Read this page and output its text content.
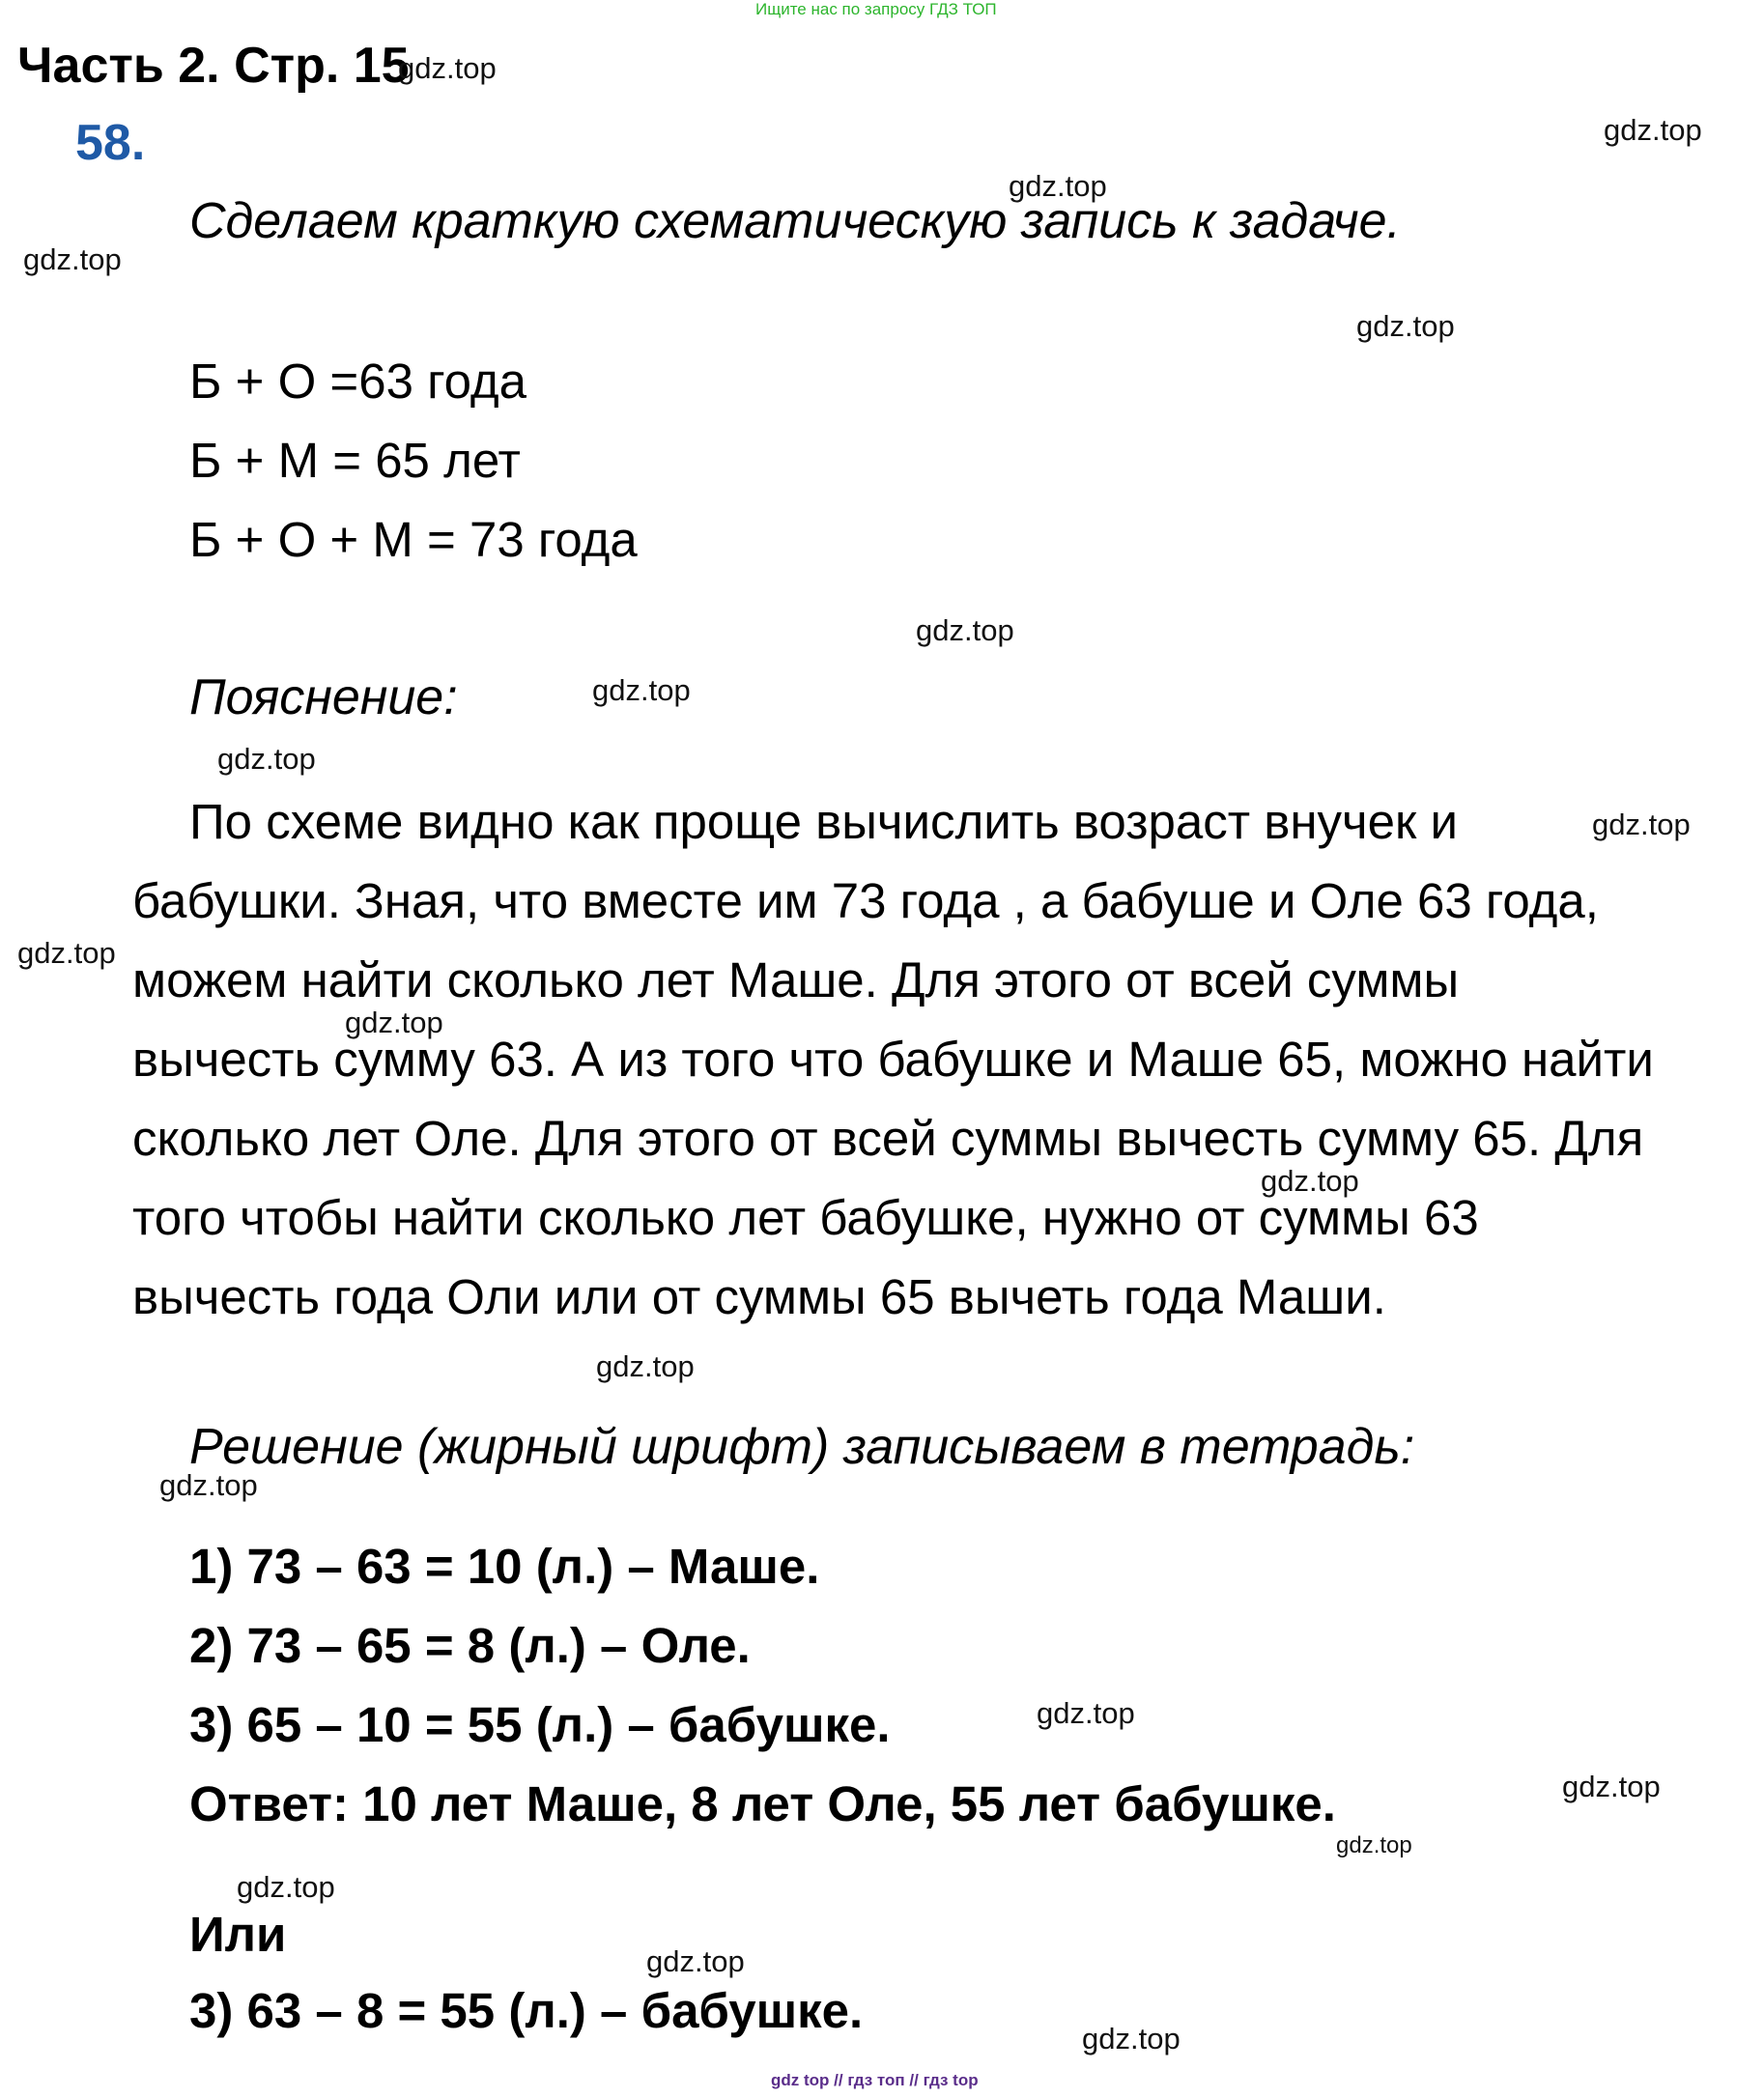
Ищите нас по запросу ГДЗ ТОП
Часть 2. Стр. 15
58.
Сделаем краткую схематическую запись к задаче.
Б + О =63 года
Б + М = 65 лет
Б + О + М = 73 года
Пояснение:
По схеме видно как проще вычислить возраст внучек и
бабушки. Зная, что вместе им 73 года , а бабуше и Оле 63 года,
можем найти сколько лет Маше. Для этого от всей суммы
вычесть сумму 63. А из того что бабушке и Маше 65, можно найти
сколько лет Оле. Для этого от всей суммы вычесть сумму 65. Для
того чтобы найти сколько лет бабушке, нужно от суммы 63
вычесть года Оли или от суммы 65 вычеть года Маши.
Решение (жирный шрифт) записываем в тетрадь:
1) 73 – 63 = 10 (л.) – Маше.
2) 73 – 65 = 8 (л.) – Оле.
3) 65 – 10 = 55 (л.) – бабушке.
Ответ: 10 лет Маше, 8 лет Оле, 55 лет бабушке.
Или
3) 63 – 8 = 55 (л.) – бабушке.
gdz.top
gdz.top
gdz.top
gdz.top
gdz.top
gdz.top
gdz.top
gdz.top
gdz.top
gdz.top
gdz.top
gdz.top
gdz.top
gdz.top
gdz.top
gdz.top
gdz.top
gdz.top
gdz.top
gdz.top
gdz top // гдз топ // гдз top
